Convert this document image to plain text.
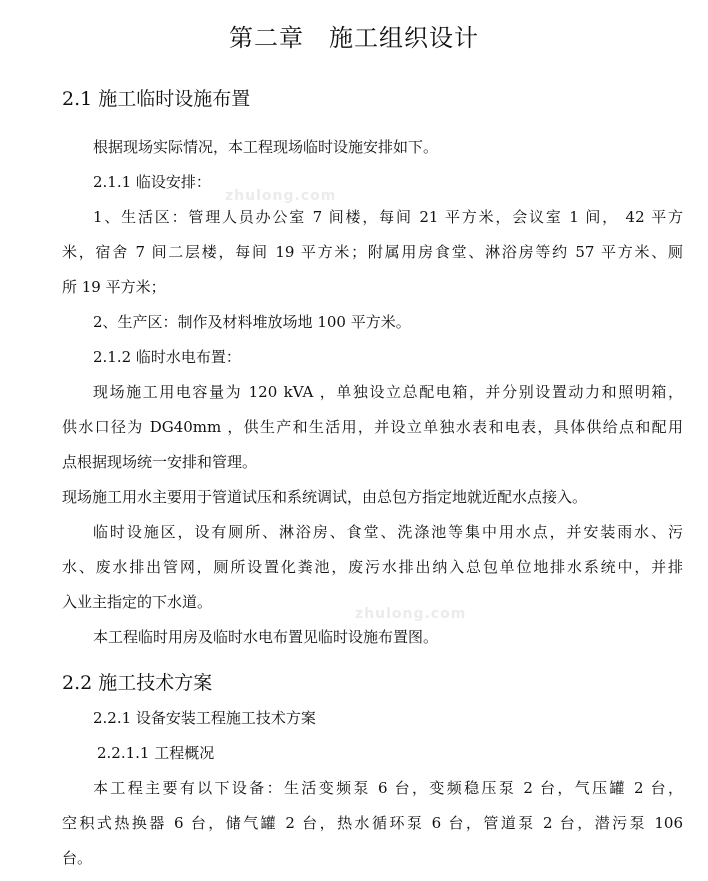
第二章　施工组织设计
2.1 施工临时设施布置
根据现场实际情况，本工程现场临时设施安排如下。
2.1.1 临设安排：
1、生活区：管理人员办公室 7 间楼，每间 21 平方米，会议室 1 间， 42 平方
米，宿舍 7 间二层楼，每间 19 平方米；附属用房食堂、淋浴房等约 57 平方米、厕
所 19 平方米；
2、生产区：制作及材料堆放场地 100 平方米。
2.1.2 临时水电布置：
现场施工用电容量为 120 kVA ，单独设立总配电箱，并分别设置动力和照明箱，
供水口径为 DG40mm ，供生产和生活用，并设立单独水表和电表，具体供给点和配用
点根据现场统一安排和管理。
现场施工用水主要用于管道试压和系统调试，由总包方指定地就近配水点接入。
临时设施区，设有厕所、淋浴房、食堂、洗涤池等集中用水点，并安装雨水、污
水、废水排出管网，厕所设置化粪池，废污水排出纳入总包单位地排水系统中，并排
入业主指定的下水道。
本工程临时用房及临时水电布置见临时设施布置图。
2.2 施工技术方案
2.2.1 设备安装工程施工技术方案
2.2.1.1 工程概况
本工程主要有以下设备：生活变频泵 6 台，变频稳压泵 2 台，气压罐 2 台，
空积式热换器 6 台，储气罐 2 台，热水循环泵 6 台，管道泵 2 台，潜污泵 106
台。
zhulong.com
zhulong.com
